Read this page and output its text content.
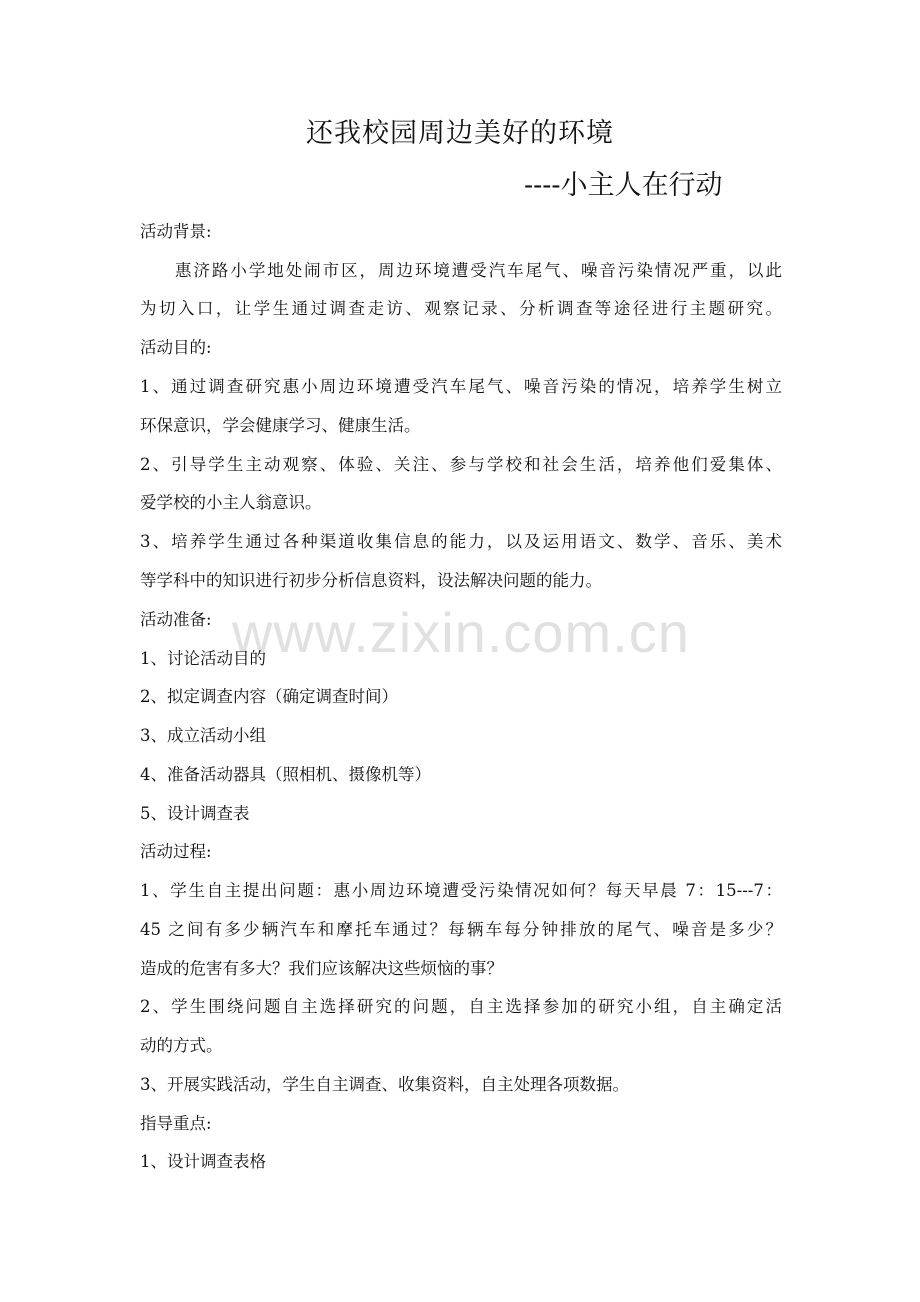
www.zixin.com.cn
还我校园周边美好的环境
----小主人在行动
活动背景:
惠济路小学地处闹市区，周边环境遭受汽车尾气、噪音污染情况严重，以此
为切入口，让学生通过调查走访、观察记录、分析调查等途径进行主题研究。
活动目的:
1、通过调查研究惠小周边环境遭受汽车尾气、噪音污染的情况，培养学生树立
环保意识，学会健康学习、健康生活。
2、引导学生主动观察、体验、关注、参与学校和社会生活，培养他们爱集体、
爱学校的小主人翁意识。
3、培养学生通过各种渠道收集信息的能力，以及运用语文、数学、音乐、美术
等学科中的知识进行初步分析信息资料，设法解决问题的能力。
活动准备:
1、讨论活动目的
2、拟定调查内容（确定调查时间）
3、成立活动小组
4、准备活动器具（照相机、摄像机等）
5、设计调查表
活动过程:
1、学生自主提出问题：惠小周边环境遭受污染情况如何？每天早晨 7：15---7：
45 之间有多少辆汽车和摩托车通过？每辆车每分钟排放的尾气、噪音是多少？
造成的危害有多大？我们应该解决这些烦恼的事？
2、学生围绕问题自主选择研究的问题，自主选择参加的研究小组，自主确定活
动的方式。
3、开展实践活动，学生自主调查、收集资料，自主处理各项数据。
指导重点:
1、设计调查表格
